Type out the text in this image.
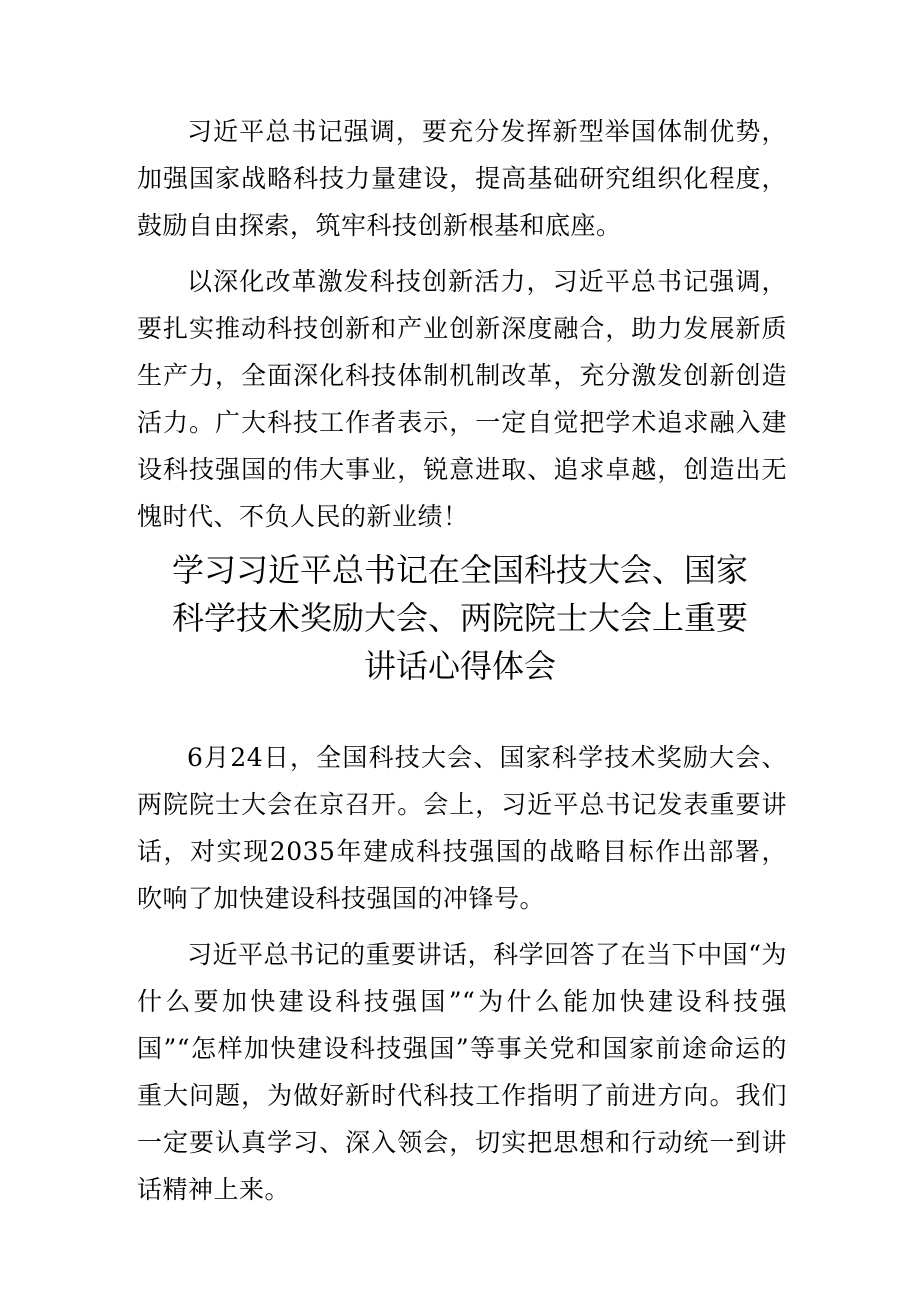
习近平总书记强调，要充分发挥新型举国体制优势，加强国家战略科技力量建设，提高基础研究组织化程度，鼓励自由探索，筑牢科技创新根基和底座。

以深化改革激发科技创新活力，习近平总书记强调，要扎实推动科技创新和产业创新深度融合，助力发展新质生产力，全面深化科技体制机制改革，充分激发创新创造活力。广大科技工作者表示，一定自觉把学术追求融入建设科技强国的伟大事业，锐意进取、追求卓越，创造出无愧时代、不负人民的新业绩！

学习习近平总书记在全国科技大会、国家
科学技术奖励大会、两院院士大会上重要
讲话心得体会

6月24日，全国科技大会、国家科学技术奖励大会、两院院士大会在京召开。会上，习近平总书记发表重要讲话，对实现2035年建成科技强国的战略目标作出部署，吹响了加快建设科技强国的冲锋号。

习近平总书记的重要讲话，科学回答了在当下中国“为什么要加快建设科技强国”“为什么能加快建设科技强国”“怎样加快建设科技强国”等事关党和国家前途命运的重大问题，为做好新时代科技工作指明了前进方向。我们一定要认真学习、深入领会，切实把思想和行动统一到讲话精神上来。
